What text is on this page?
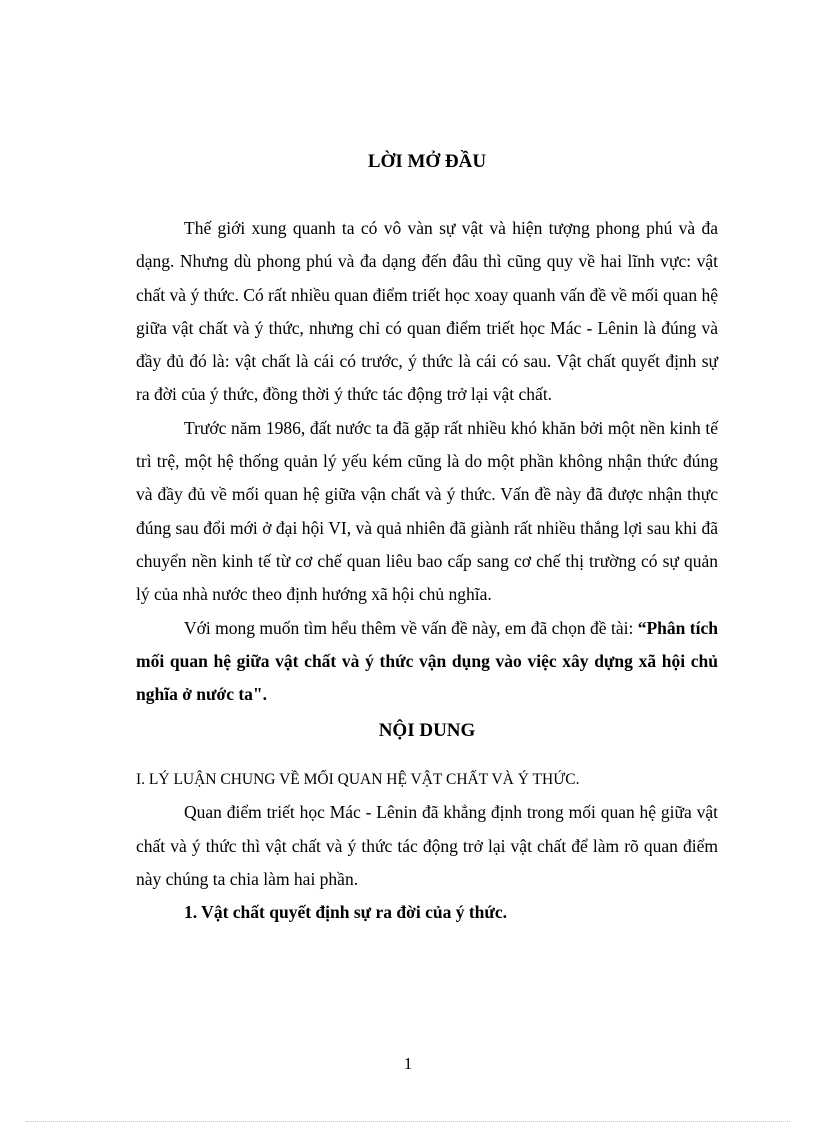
LỜI MỞ ĐẦU

Thế giới xung quanh ta có vô vàn sự vật và hiện tượng phong phú và đa dạng. Nhưng dù phong phú và đa dạng đến đâu thì cũng quy về hai lĩnh vực: vật chất và ý thức. Có rất nhiều quan điểm triết học xoay quanh vấn đề về mối quan hệ giữa vật chất và ý thức, nhưng chỉ có quan điểm triết học Mác - Lênin là đúng và đầy đủ đó là: vật chất là cái có trước, ý thức là cái có sau. Vật chất quyết định sự ra đời của ý thức, đồng thời ý thức tác động trở lại vật chất.

Trước năm 1986, đất nước ta đã gặp rất nhiều khó khăn bởi một nền kinh tế trì trệ, một hệ thống quản lý yếu kém cũng là do một phần không nhận thức đúng và đầy đủ về mối quan hệ giữa vận chất và ý thức. Vấn đề này đã được nhận thực đúng sau đổi mới ở đại hội VI, và quả nhiên đã giành rất nhiều thắng lợi sau khi đã chuyển nền kinh tế từ cơ chế quan liêu bao cấp sang cơ chế thị trường có sự quản lý của nhà nước theo định hướng xã hội chủ nghĩa.

Với mong muốn tìm hểu thêm về vấn đề này, em đã chọn đề tài: “Phân tích mối quan hệ giữa vật chất và ý thức vận dụng vào việc xây dựng xã hội chủ nghĩa ở nước ta".

NỘI DUNG

I. LÝ LUẬN CHUNG VỀ MỐI QUAN HỆ VẬT CHẤT VÀ Ý THỨC.

Quan điểm triết học Mác - Lênin đã khẳng định trong mối quan hệ giữa vật chất và ý thức thì vật chất và ý thức tác động trở lại vật chất để làm rõ quan điểm này chúng ta chia làm hai phần.

1. Vật chất quyết định sự ra đời của ý thức.

1
